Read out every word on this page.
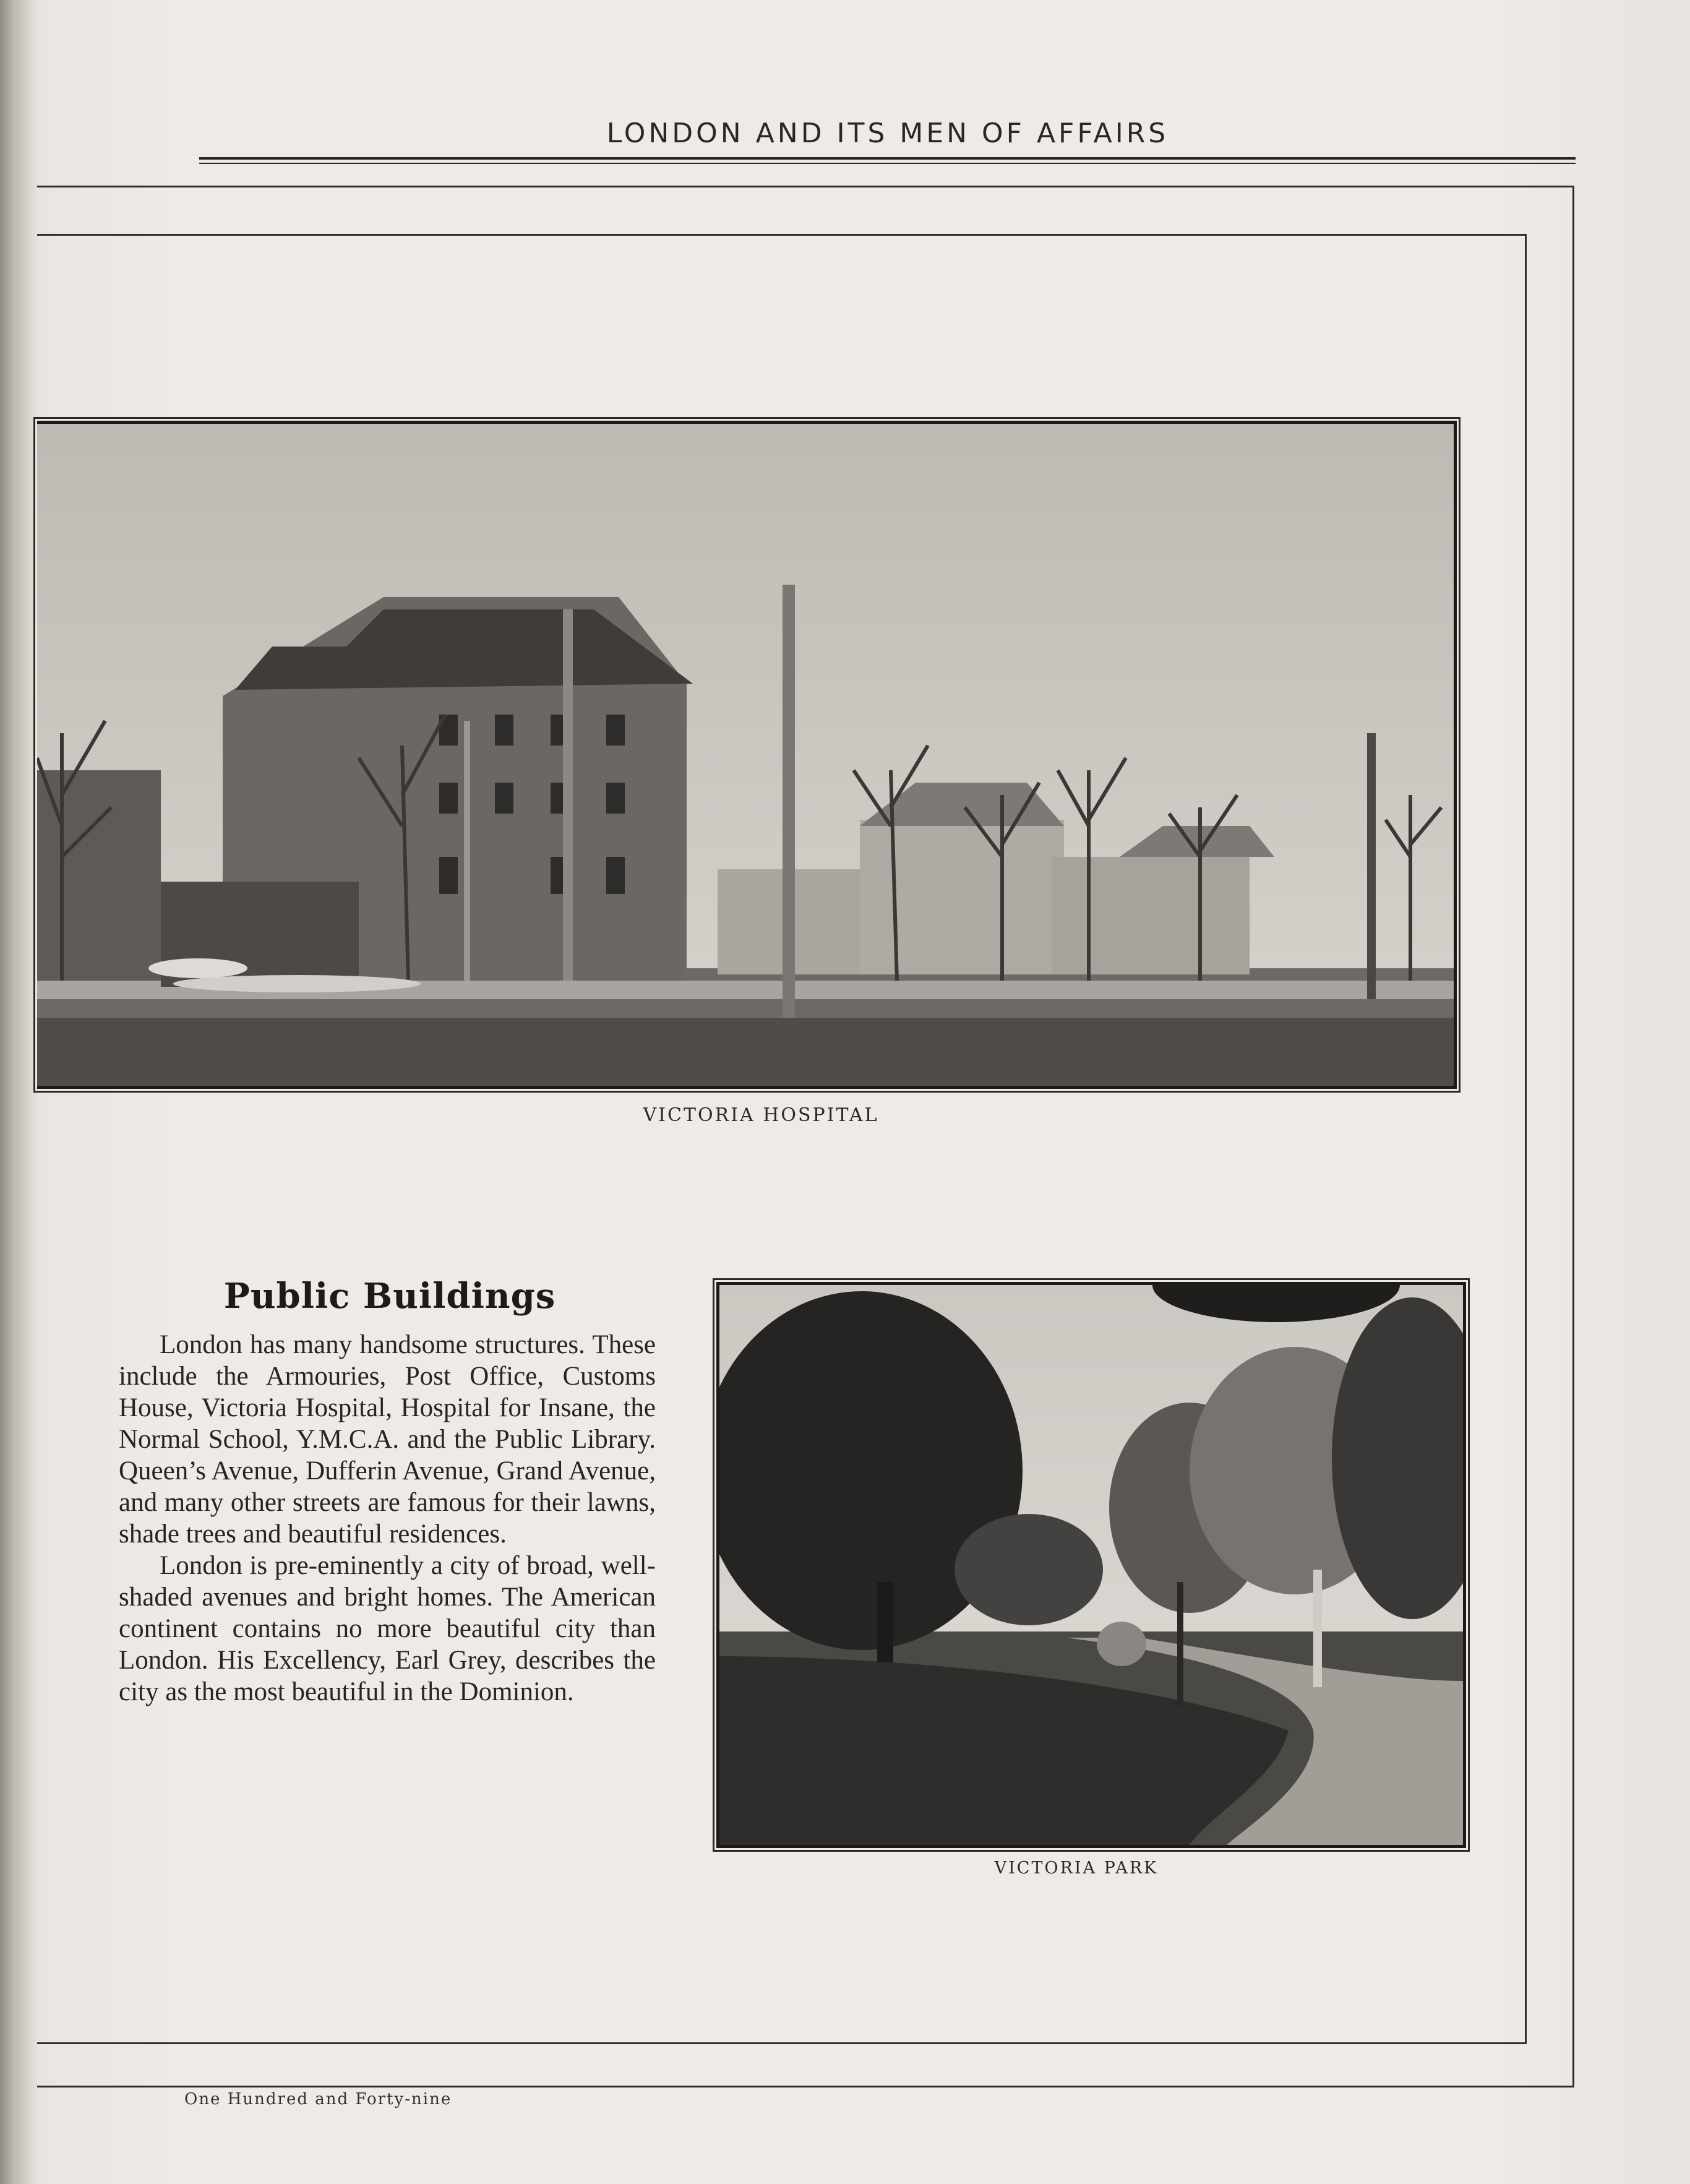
LONDON AND ITS MEN OF AFFAIRS
VICTORIA HOSPITAL
VICTORIA PARK
Public Buildings

London has many handsome structures. These include the Armouries, Post Office, Customs House, Victoria Hospital, Hospital for Insane, the Normal School, Y.M.C.A. and the Public Library. Queen’s Avenue, Dufferin Avenue, Grand Avenue, and many other streets are famous for their lawns, shade trees and beautiful residences.

London is pre-eminently a city of broad, well-shaded avenues and bright homes. The American continent contains no more beautiful city than London. His Excellency, Earl Grey, describes the city as the most beautiful in the Dominion.

One Hundred and Forty-nine
